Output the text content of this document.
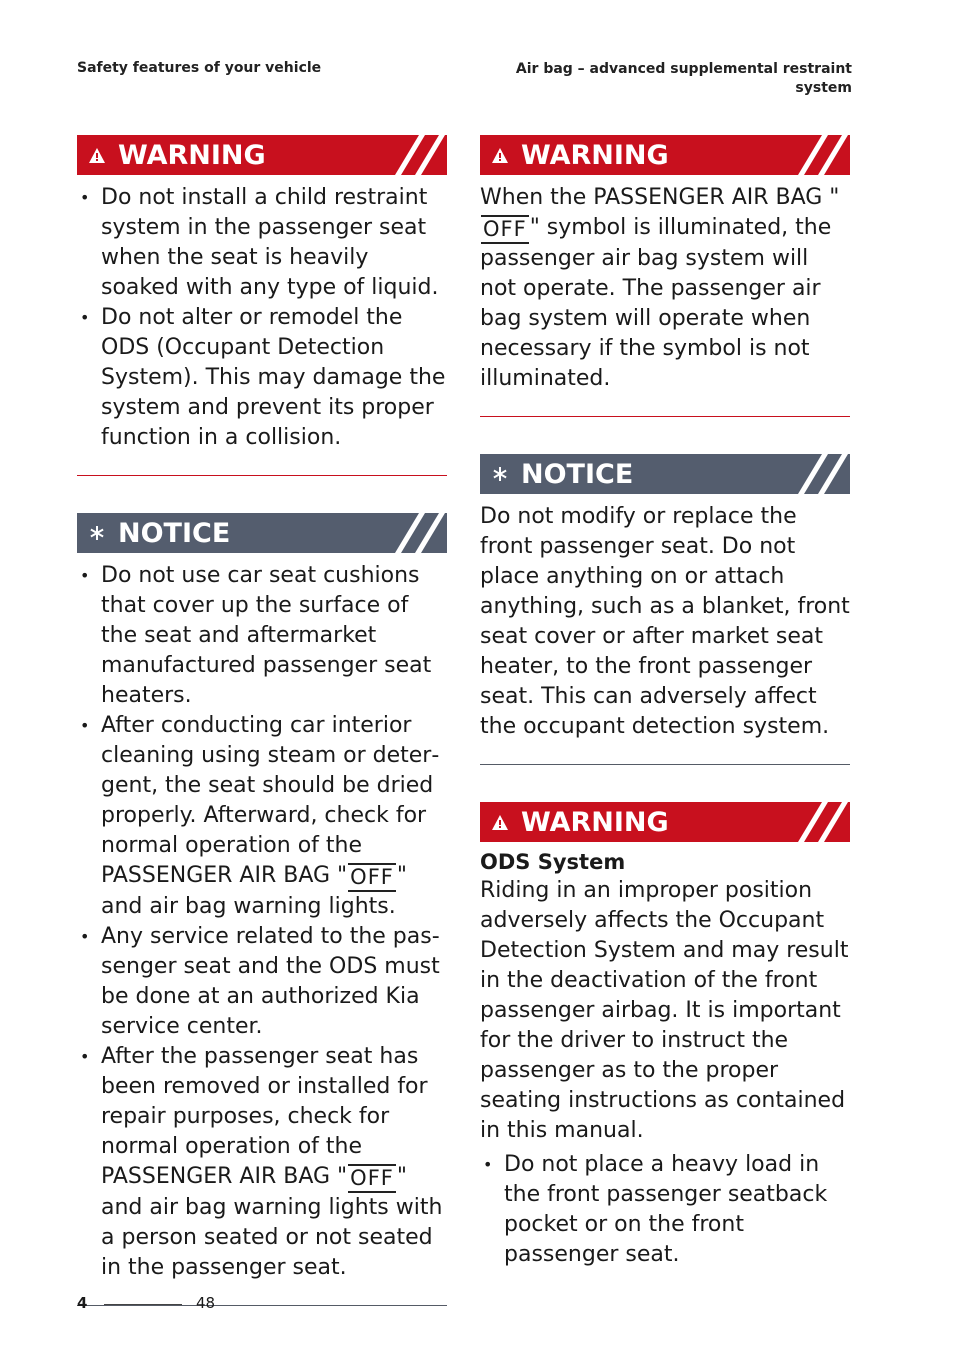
Safety features of your vehicle	Air bag – advanced supplemental restraint system
WARNING
• Do not install a child restraint system in the passenger seat when the seat is heavily soaked with any type of liquid.
• Do not alter or remodel the ODS (Occupant Detection System). This may damage the system and prevent its proper function in a collision.
NOTICE
• Do not use car seat cushions that cover up the surface of the seat and aftermarket manufactured passenger seat heaters.
• After conducting car interior cleaning using steam or detergent, the seat should be dried properly. Afterward, check for normal operation of the PASSENGER AIR BAG " OFF " and air bag warning lights.
• Any service related to the passenger seat and the ODS must be done at an authorized Kia service center.
• After the passenger seat has been removed or installed for repair purposes, check for normal operation of the PASSENGER AIR BAG " OFF " and air bag warning lights with a person seated or not seated in the passenger seat.
WARNING

When the PASSENGER AIR BAG "OFF " symbol is illuminated, the passenger air bag system will not operate. The passenger air bag system will operate when necessary if the symbol is not illuminated.

NOTICE

Do not modify or replace the front passenger seat. Do not place anything on or attach anything, such as a blanket, front seat cover or after market seat heater, to the front passenger seat. This can adversely affect the occupant detection system.

WARNING
ODS System

Riding in an improper position adversely affects the Occupant Detection System and may result in the deactivation of the front passenger airbag. It is important for the driver to instruct the passenger as to the proper seating instructions as contained in this manual.

• Do not place a heavy load in the front passenger seatback pocket or on the front passenger seat.
4	48
